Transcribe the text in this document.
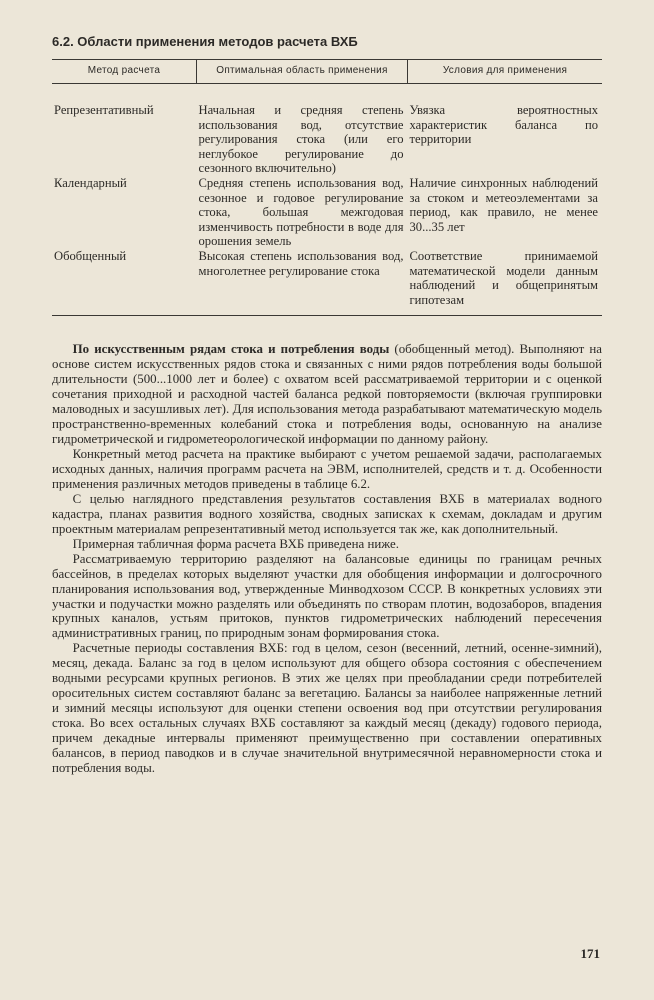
6.2. Области применения методов расчета ВХБ
Метод расчета	Оптимальная область применения	Условия для применения

Репрезентативный	Начальная и средняя степень использования вод, отсутствие регулирования стока (или его неглубокое регулирование до сезонного включительно)	Увязка вероятностных характеристик баланса по территории
Календарный	Средняя степень использования вод, сезонное и годовое регулирование стока, большая межгодовая изменчивость потребности в воде для орошения земель	Наличие синхронных наблюдений за стоком и метеоэлементами за период, как правило, не менее 30...35 лет
Обобщенный	Высокая степень использования вод, многолетнее регулирование стока	Соответствие принимаемой математической модели данным наблюдений и общепринятым гипотезам

По искусственным рядам стока и потребления воды (обобщенный метод). Выполняют на основе систем искусственных рядов стока и связанных с ними рядов потребления воды большой длительности (500...1000 лет и более) с охватом всей рассматриваемой территории и с оценкой сочетания приходной и расходной частей баланса редкой повторяемости (включая группировки маловодных и засушливых лет). Для использования метода разрабатывают математическую модель пространственно-временных колебаний стока и потребления воды, основанную на анализе гидрометрической и гидрометеорологической информации по данному району.

Конкретный метод расчета на практике выбирают с учетом решаемой задачи, располагаемых исходных данных, наличия программ расчета на ЭВМ, исполнителей, средств и т. д. Особенности применения различных методов приведены в таблице 6.2.

С целью наглядного представления результатов составления ВХБ в материалах водного кадастра, планах развития водного хозяйства, сводных записках к схемам, докладам и другим проектным материалам репрезентативный метод используется так же, как дополнительный.

Примерная табличная форма расчета ВХБ приведена ниже.

Рассматриваемую территорию разделяют на балансовые единицы по границам речных бассейнов, в пределах которых выделяют участки для обобщения информации и долгосрочного планирования использования вод, утвержденные Минводхозом СССР. В конкретных условиях эти участки и подучастки можно разделять или объединять по створам плотин, водозаборов, впадения крупных каналов, устьям притоков, пунктов гидрометрических наблюдений пересечения административных границ, по природным зонам формирования стока.

Расчетные периоды составления ВХБ: год в целом, сезон (весенний, летний, осенне-зимний), месяц, декада. Баланс за год в целом используют для общего обзора состояния с обеспечением водными ресурсами крупных регионов. В этих же целях при преобладании среди потребителей оросительных систем составляют баланс за вегетацию. Балансы за наиболее напряженные летний и зимний месяцы используют для оценки степени освоения вод при отсутствии регулирования стока. Во всех остальных случаях ВХБ составляют за каждый месяц (декаду) годового периода, причем декадные интервалы применяют преимущественно при составлении оперативных балансов, в период паводков и в случае значительной внутримесячной неравномерности стока и потребления воды.

171
